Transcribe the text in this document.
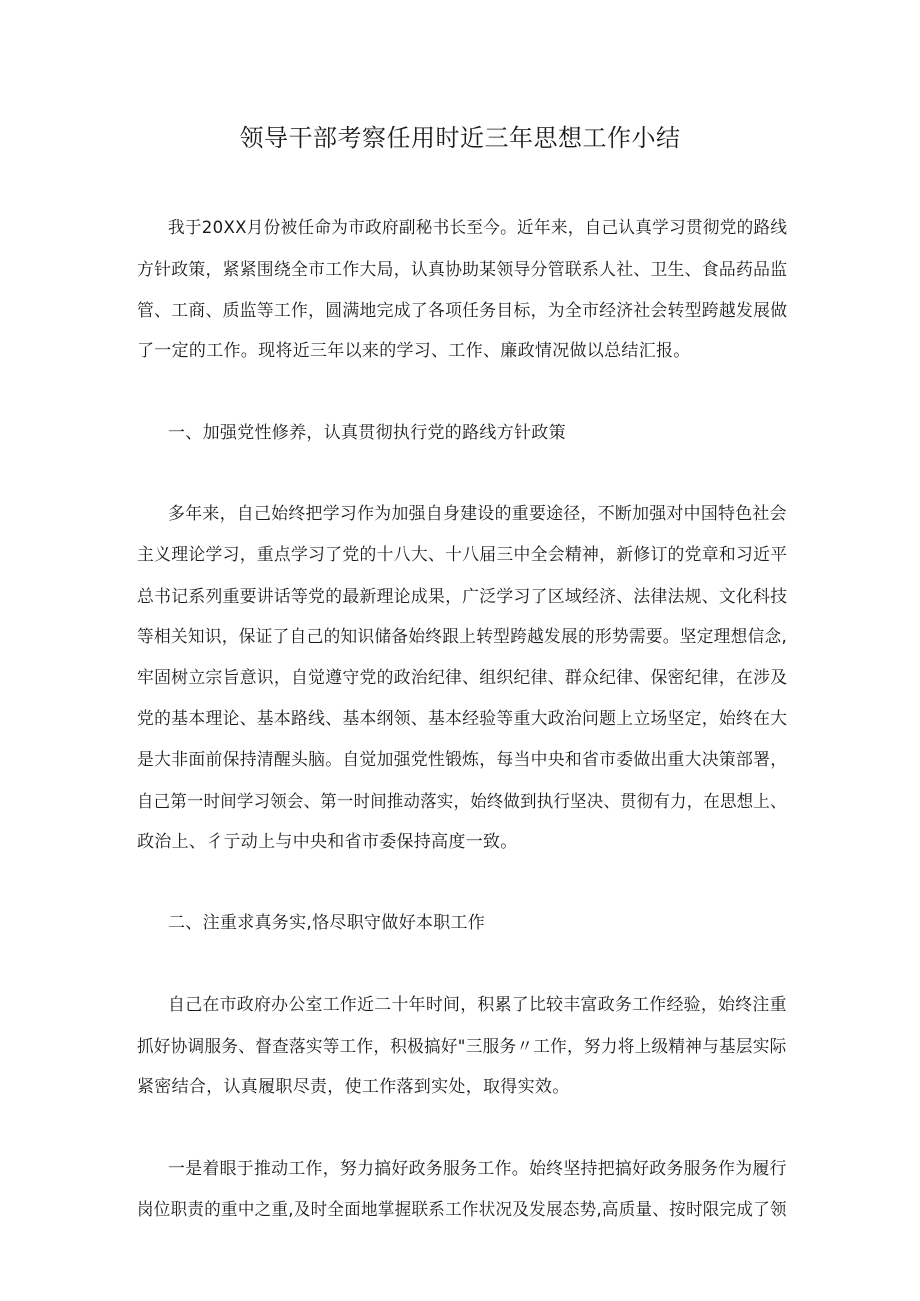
领导干部考察任用时近三年思想工作小结
我于20XX月份被任命为市政府副秘书长至今。近年来，自己认真学习贯彻党的路线
方针政策，紧紧围绕全市工作大局，认真协助某领导分管联系人社、卫生、食品药品监
管、工商、质监等工作，圆满地完成了各项任务目标，为全市经济社会转型跨越发展做
了一定的工作。现将近三年以来的学习、工作、廉政情况做以总结汇报。
一、加强党性修养，认真贯彻执行党的路线方针政策
多年来，自己始终把学习作为加强自身建设的重要途径，不断加强对中国特色社会
主义理论学习，重点学习了党的十八大、十八届三中全会精神，新修订的党章和习近平
总书记系列重要讲话等党的最新理论成果，广泛学习了区域经济、法律法规、文化科技
等相关知识，保证了自己的知识储备始终跟上转型跨越发展的形势需要。坚定理想信念,
牢固树立宗旨意识，自觉遵守党的政治纪律、组织纪律、群众纪律、保密纪律，在涉及
党的基本理论、基本路线、基本纲领、基本经验等重大政治问题上立场坚定，始终在大
是大非面前保持清醒头脑。自觉加强党性锻炼，每当中央和省市委做出重大决策部署，
自己第一时间学习领会、第一时间推动落实，始终做到执行坚决、贯彻有力，在思想上、
政治上、彳亍动上与中央和省市委保持高度一致。
二、注重求真务实,恪尽职守做好本职工作
自己在市政府办公室工作近二十年时间，积累了比较丰富政务工作经验，始终注重
抓好协调服务、督查落实等工作，积极搞好"三服务〃工作，努力将上级精神与基层实际
紧密结合，认真履职尽责，使工作落到实处，取得实效。
一是着眼于推动工作，努力搞好政务服务工作。始终坚持把搞好政务服务作为履行
岗位职责的重中之重,及时全面地掌握联系工作状况及发展态势,高质量、按时限完成了领
